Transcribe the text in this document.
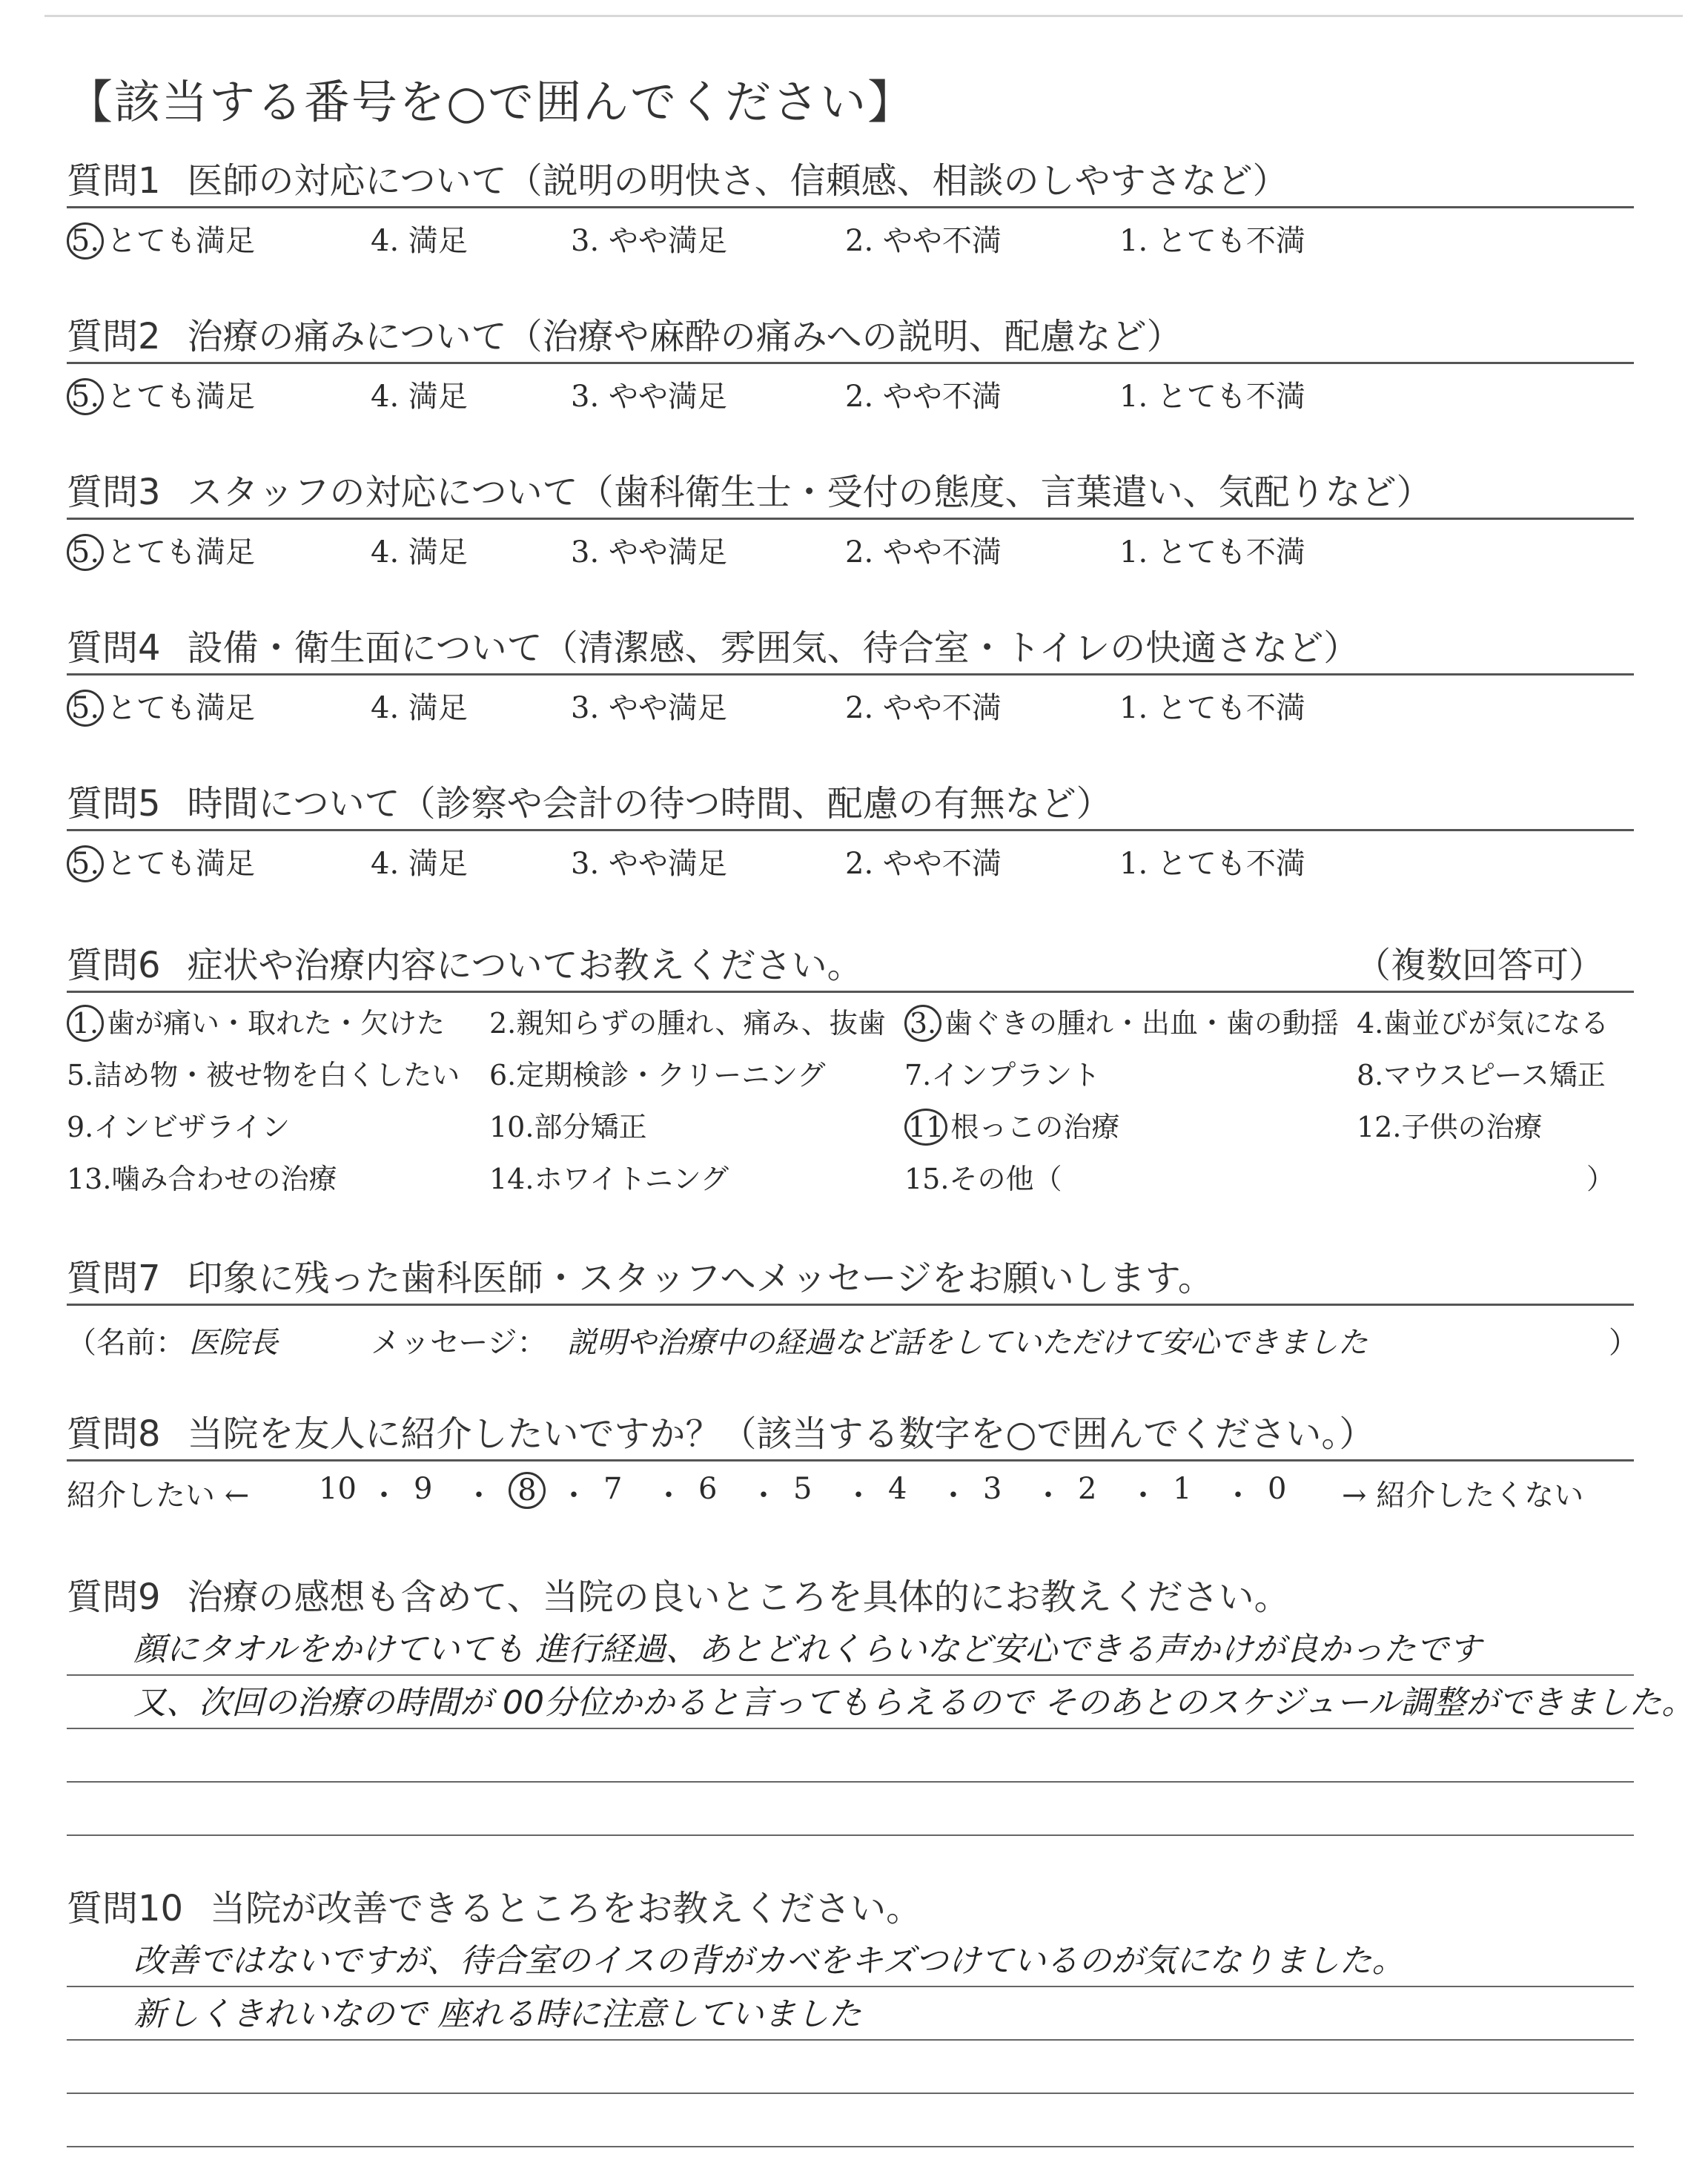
【該当する番号を○で囲んでください】
質問1 医師の対応について（説明の明快さ、信頼感、相談のしやすさなど）
5. とても満足	4. 満足	3. やや満足	2. やや不満	1. とても不満
質問2 治療の痛みについて（治療や麻酔の痛みへの説明、配慮など）
5. とても満足	4. 満足	3. やや満足	2. やや不満	1. とても不満
質問3 スタッフの対応について（歯科衛生士・受付の態度、言葉遣い、気配りなど）
5. とても満足	4. 満足	3. やや満足	2. やや不満	1. とても不満
質問4 設備・衛生面について（清潔感、雰囲気、待合室・トイレの快適さなど）
5. とても満足	4. 満足	3. やや満足	2. やや不満	1. とても不満
質問5 時間について（診察や会計の待つ時間、配慮の有無など）
5. とても満足	4. 満足	3. やや満足	2. やや不満	1. とても不満
質問6 症状や治療内容についてお教えください。	（複数回答可）
1. 歯が痛い・取れた・欠けた 2.親知らずの腫れ、痛み、抜歯 3. 歯ぐきの腫れ・出血・歯の動揺 4.歯並びが気になる
5.詰め物・被せ物を白くしたい 6.定期検診・クリーニング	7.インプラント	8.マウスピース矯正
9.インビザライン	10.部分矯正	11 根っこの治療	12.子供の治療
13.噛み合わせの治療	14.ホワイトニング	15.その他（	）
質問7 印象に残った歯科医師・スタッフへメッセージをお願いします。
（名前： 医院長	メッセージ： 説明や治療中の経過など話をしていただけて安心できました	）
質問8 当院を友人に紹介したいですか？（該当する数字を○で囲んでください。）
紹介したい ←	→ 紹介したくない
10 ・ 9 ・ 8 ・ 7 ・ 6 ・ 5 ・ 4 ・ 3 ・ 2 ・ 1 ・ 0
質問9 治療の感想も含めて、当院の良いところを具体的にお教えください。
顔にタオルをかけていても 進行経過、あとどれくらいなど安心できる声かけが良かったです
又、次回の治療の時間が 00分位かかると言ってもらえるので そのあとのスケジュール調整ができました。
質問10 当院が改善できるところをお教えください。
改善ではないですが、待合室のイスの背がカベをキズつけているのが気になりました。
新しくきれいなので 座れる時に注意していました
